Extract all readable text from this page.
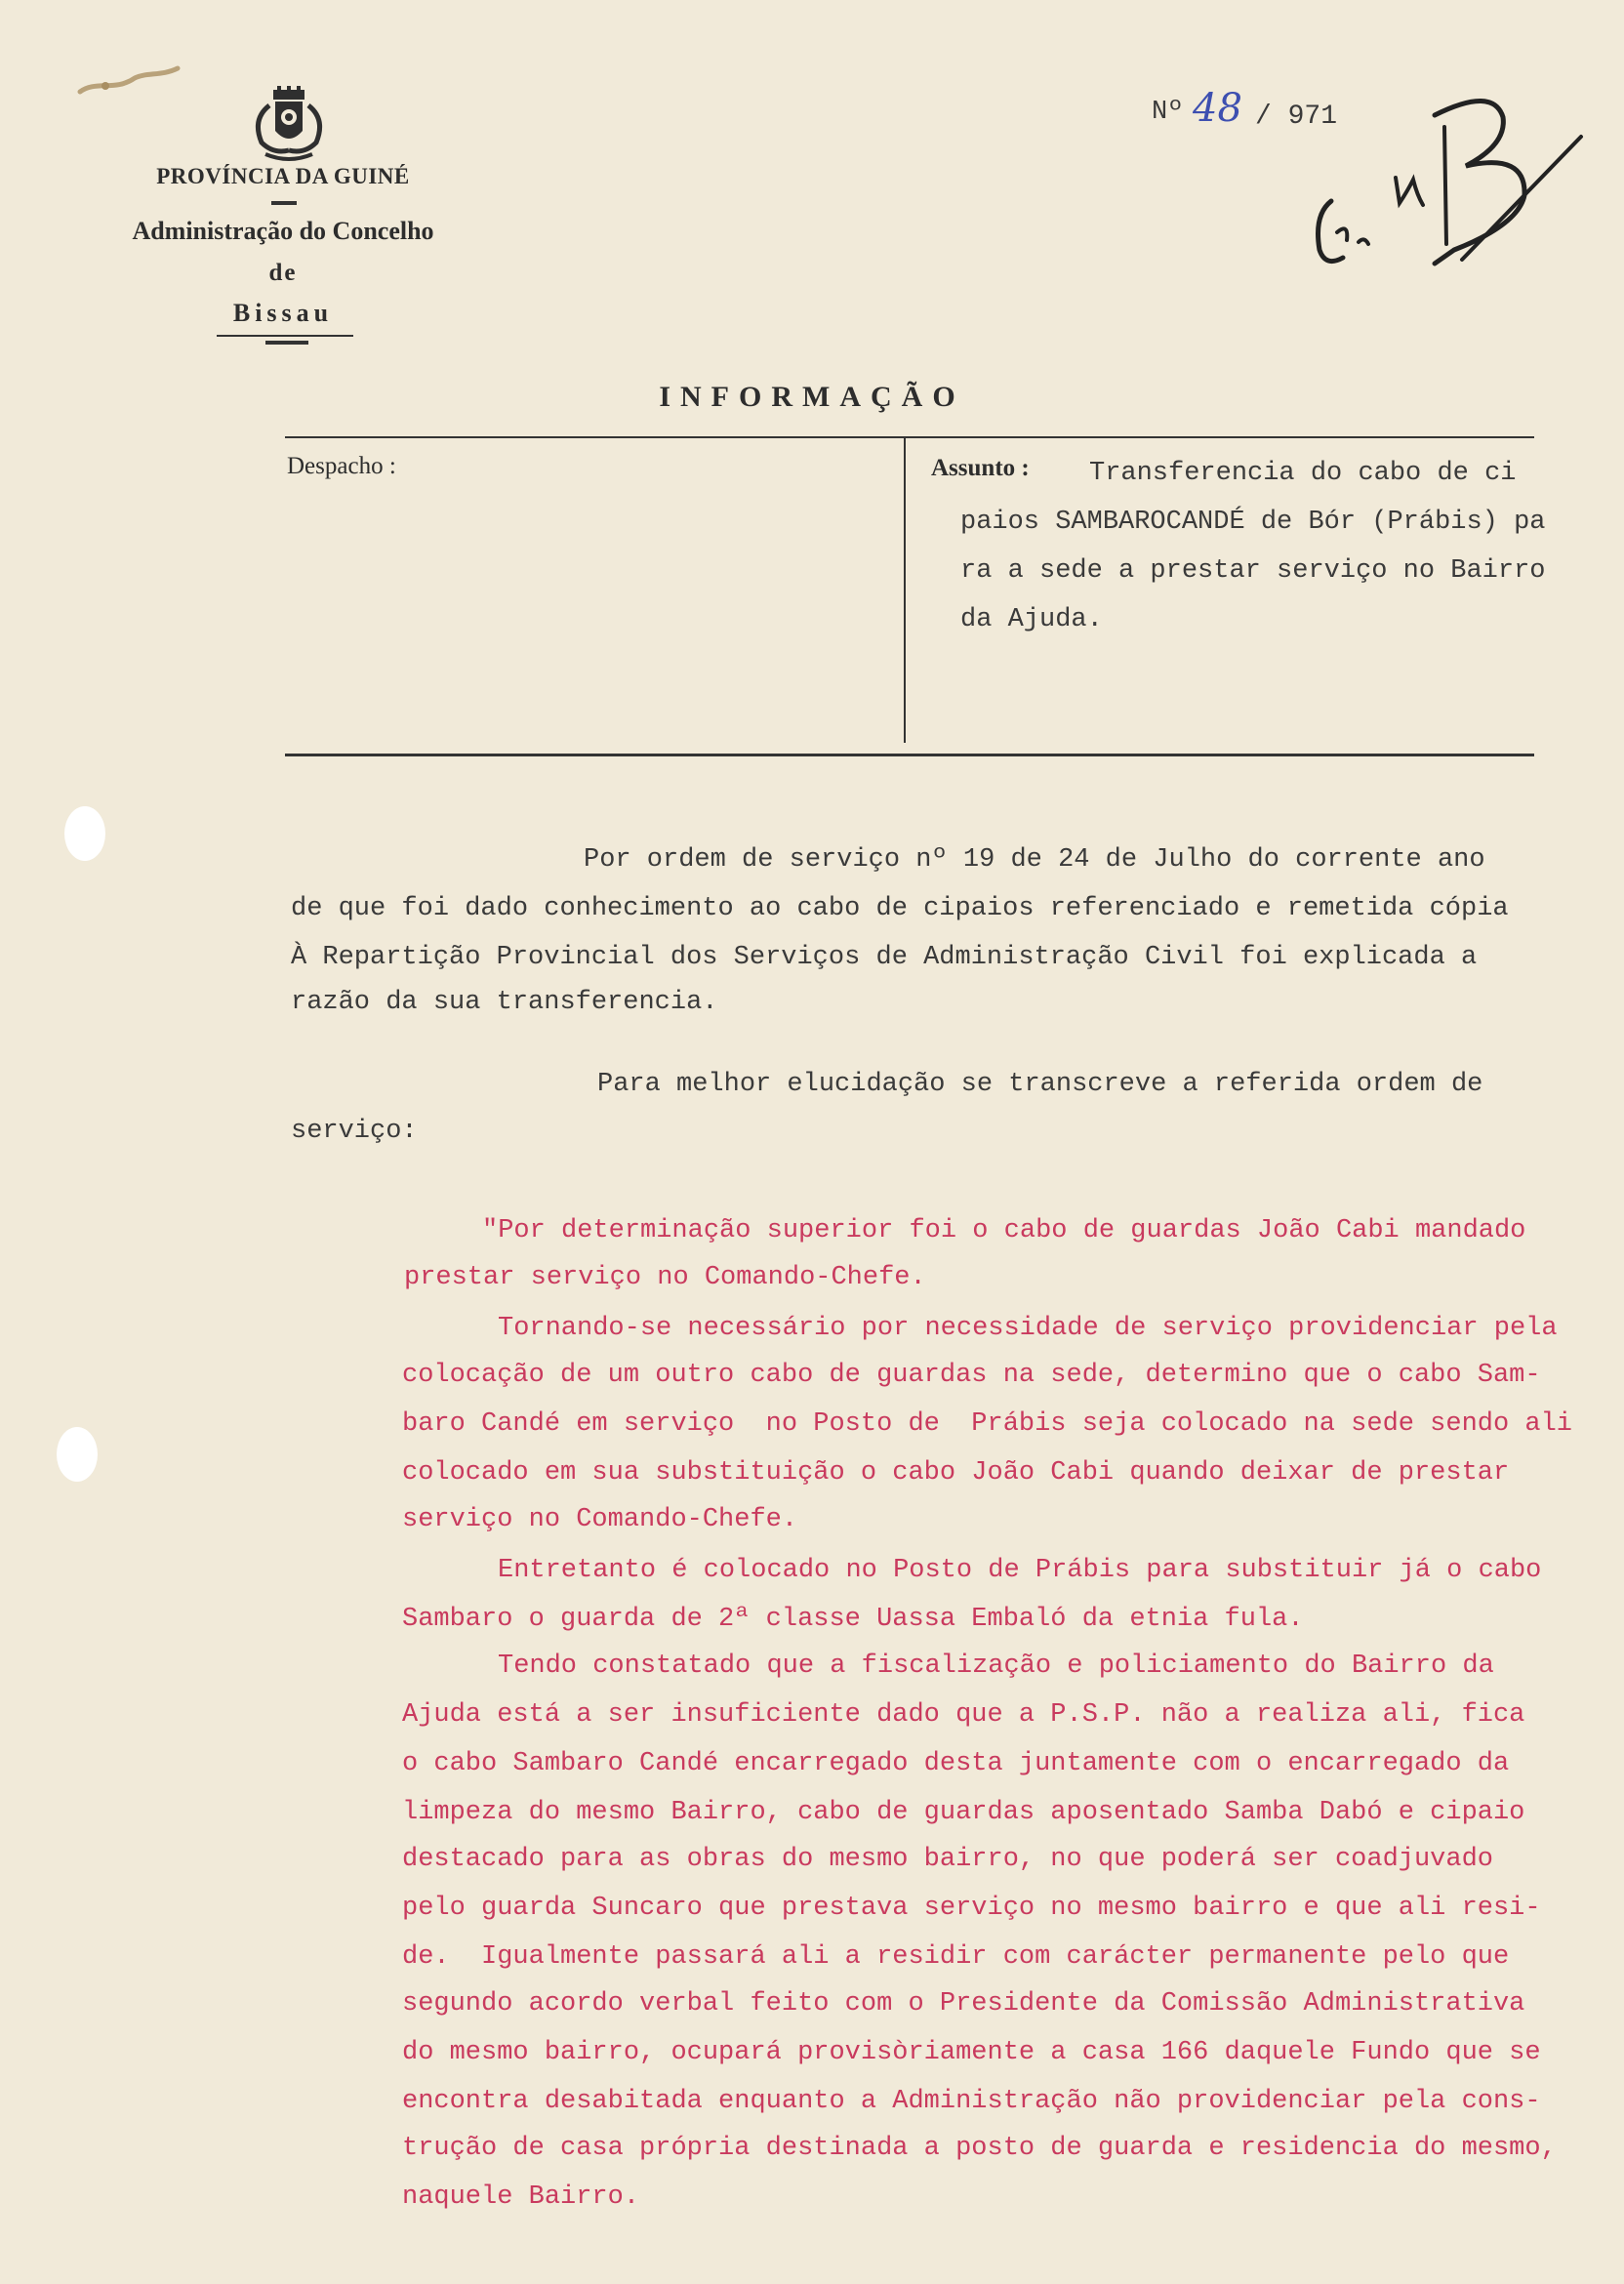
PROVÍNCIA DA GUINÉ
Administração do Concelho
de
Bissau
Nº 48 / 971
INFORMAÇÃO
Despacho :	Assunto : Transferencia do cabo de ci
paios SAMBAROCANDÉ de Bór (Prábis) pa
ra a sede a prestar serviço no Bairro
da Ajuda.
Por ordem de serviço nº 19 de 24 de Julho do corrente ano
de que foi dado conhecimento ao cabo de cipaios referenciado e remetida cópia
À Repartição Provincial dos Serviços de Administração Civil foi explicada a
razão da sua transferencia.
Para melhor elucidação se transcreve a referida ordem de
serviço:
"Por determinação superior foi o cabo de guardas João Cabi mandado
prestar serviço no Comando-Chefe.
Tornando-se necessário por necessidade de serviço providenciar pela
colocação de um outro cabo de guardas na sede, determino que o cabo Sam-
baro Candé em serviço  no Posto de  Prábis seja colocado na sede sendo ali
colocado em sua substituição o cabo João Cabi quando deixar de prestar
serviço no Comando-Chefe.
Entretanto é colocado no Posto de Prábis para substituir já o cabo
Sambaro o guarda de 2ª classe Uassa Embaló da etnia fula.
Tendo constatado que a fiscalização e policiamento do Bairro da
Ajuda está a ser insuficiente dado que a P.S.P. não a realiza ali, fica
o cabo Sambaro Candé encarregado desta juntamente com o encarregado da
limpeza do mesmo Bairro, cabo de guardas aposentado Samba Dabó e cipaio
destacado para as obras do mesmo bairro, no que poderá ser coadjuvado
pelo guarda Suncaro que prestava serviço no mesmo bairro e que ali resi-
de.  Igualmente passará ali a residir com carácter permanente pelo que
segundo acordo verbal feito com o Presidente da Comissão Administrativa
do mesmo bairro, ocupará provisòriamente a casa 166 daquele Fundo que se
encontra desabitada enquanto a Administração não providenciar pela cons-
trução de casa própria destinada a posto de guarda e residencia do mesmo,
naquele Bairro.
